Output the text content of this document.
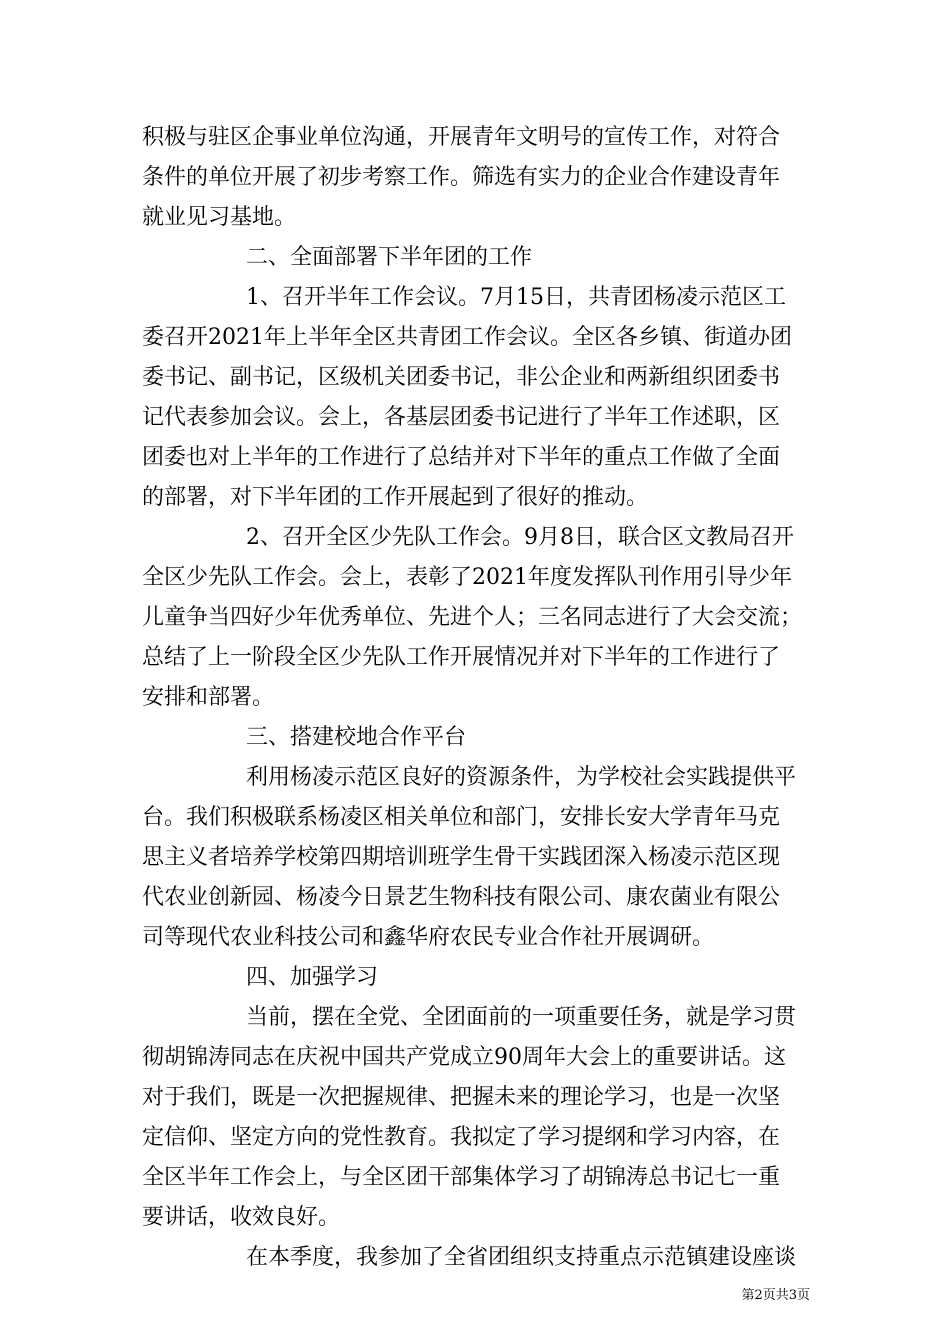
积极与驻区企事业单位沟通，开展青年文明号的宣传工作，对符合
条件的单位开展了初步考察工作。筛选有实力的企业合作建设青年
就业见习基地。
二、全面部署下半年团的工作
1、召开半年工作会议。7月15日，共青团杨凌示范区工
委召开2021年上半年全区共青团工作会议。全区各乡镇、街道办团
委书记、副书记，区级机关团委书记，非公企业和两新组织团委书
记代表参加会议。会上，各基层团委书记进行了半年工作述职，区
团委也对上半年的工作进行了总结并对下半年的重点工作做了全面
的部署，对下半年团的工作开展起到了很好的推动。
2、召开全区少先队工作会。9月8日，联合区文教局召开
全区少先队工作会。会上，表彰了2021年度发挥队刊作用引导少年
儿童争当四好少年优秀单位、先进个人；三名同志进行了大会交流；
总结了上一阶段全区少先队工作开展情况并对下半年的工作进行了
安排和部署。
三、搭建校地合作平台
利用杨凌示范区良好的资源条件，为学校社会实践提供平
台。我们积极联系杨凌区相关单位和部门，安排长安大学青年马克
思主义者培养学校第四期培训班学生骨干实践团深入杨凌示范区现
代农业创新园、杨凌今日景艺生物科技有限公司、康农菌业有限公
司等现代农业科技公司和鑫华府农民专业合作社开展调研。
四、加强学习
当前，摆在全党、全团面前的一项重要任务，就是学习贯
彻胡锦涛同志在庆祝中国共产党成立90周年大会上的重要讲话。这
对于我们，既是一次把握规律、把握未来的理论学习，也是一次坚
定信仰、坚定方向的党性教育。我拟定了学习提纲和学习内容，在
全区半年工作会上，与全区团干部集体学习了胡锦涛总书记七一重
要讲话，收效良好。
在本季度，我参加了全省团组织支持重点示范镇建设座谈
第2页共3页
